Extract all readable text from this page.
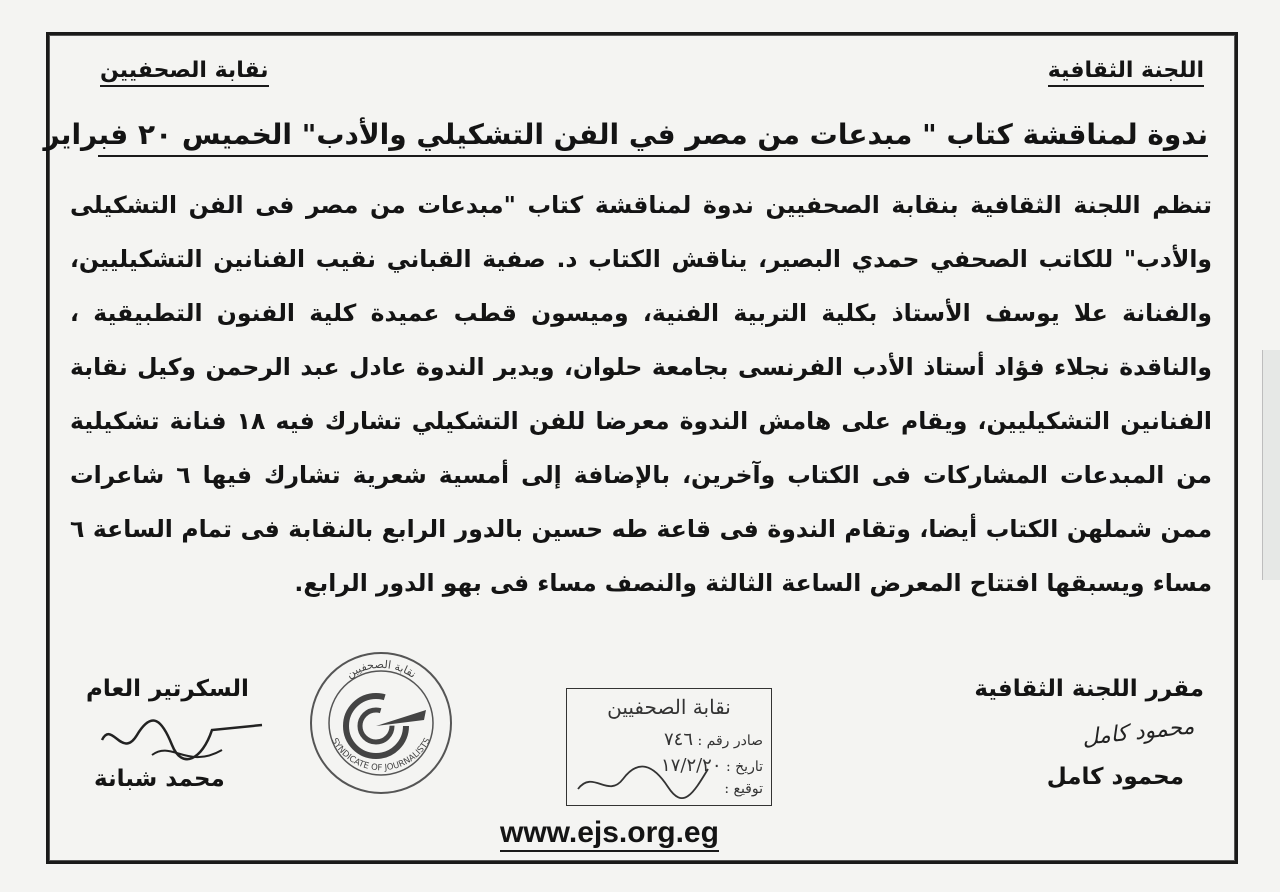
اللجنة الثقافية
نقابة الصحفيين
ندوة لمناقشة كتاب " مبدعات من مصر في الفن التشكيلي والأدب" الخميس ٢٠ فبراير
تنظم اللجنة الثقافية بنقابة الصحفيين ندوة لمناقشة كتاب "مبدعات من مصر فى الفن التشكيلى والأدب" للكاتب الصحفي حمدي البصير، يناقش الكتاب د. صفية القباني نقيب الفنانين التشكيليين، والفنانة علا يوسف الأستاذ بكلية التربية الفنية، وميسون قطب عميدة كلية الفنون التطبيقية ، والناقدة نجلاء فؤاد أستاذ الأدب الفرنسى بجامعة حلوان، ويدير الندوة عادل عبد الرحمن وكيل نقابة الفنانين التشكيليين، ويقام على هامش الندوة معرضا للفن التشكيلي تشارك فيه ١٨ فنانة تشكيلية من المبدعات المشاركات فى الكتاب وآخرين، بالإضافة إلى أمسية شعرية تشارك فيها ٦ شاعرات ممن شملهن الكتاب أيضا، وتقام الندوة فى قاعة طه حسين بالدور الرابع بالنقابة فى تمام الساعة ٦ مساء ويسبقها افتتاح المعرض الساعة الثالثة والنصف مساء فى بهو الدور الرابع.
مقرر اللجنة الثقافية
محمود كامل
محمود كامل
السكرتير العام
محمد شبانة
نقابة الصحفيين
SYNDICATE OF JOURNALISTS
نقابة الصحفيين
صادر رقم : ٧٤٦
تاريخ : ١٧/٢/٢٠
توقيع :
www.ejs.org.eg
